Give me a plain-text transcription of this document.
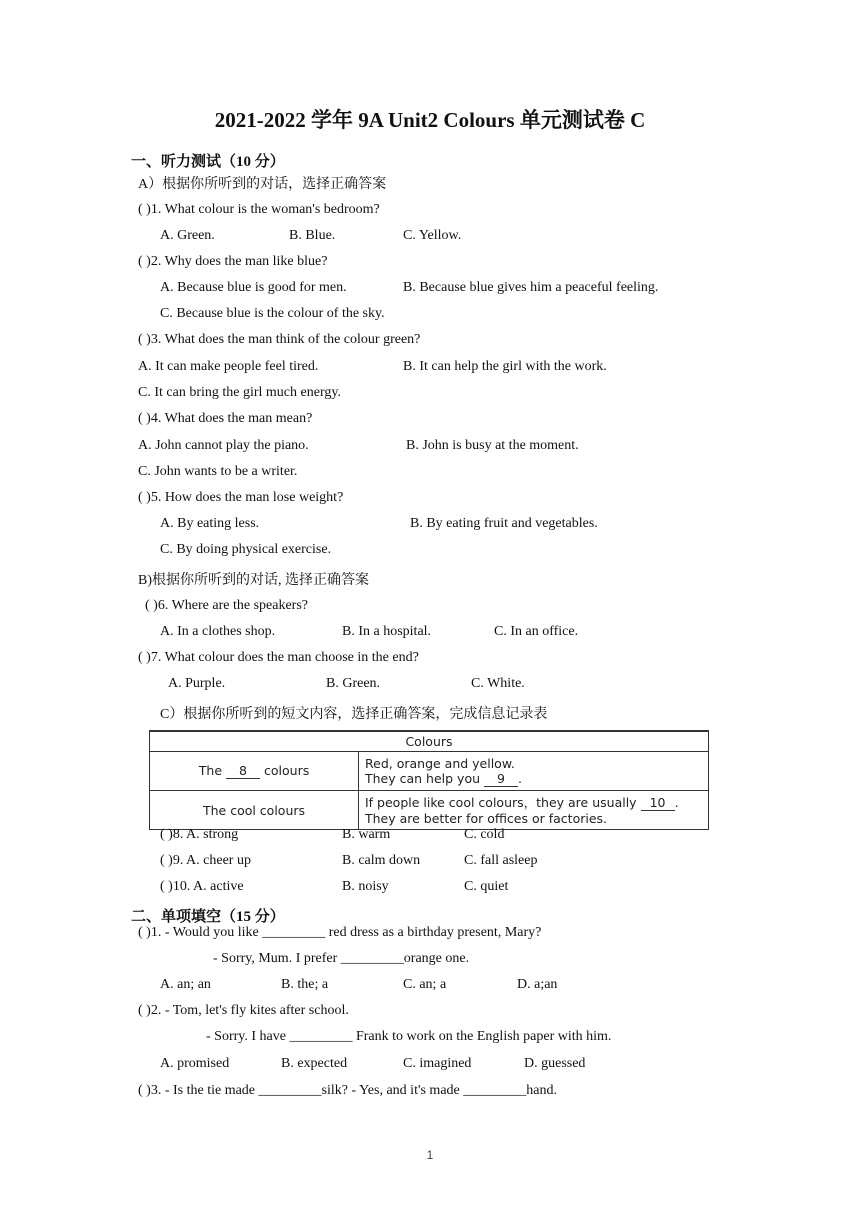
2021-2022 学年 9A Unit2 Colours 单元测试卷 C
一、听力测试（10 分）
A）根据你所听到的对话，选择正确答案
( )1. What colour is the woman's bedroom?
A. Green.	B. Blue.	C. Yellow.
( )2. Why does the man like blue?
A. Because blue is good for men.	B. Because blue gives him a peaceful feeling.
C. Because blue is the colour of the sky.
( )3. What does the man think of the colour green?
A. It can make people feel tired.	B. It can help the girl with the work.
C. It can bring the girl much energy.
( )4. What does the man mean?
A. John cannot play the piano.	B. John is busy at the moment.
C. John wants to be a writer.
( )5. How does the man lose weight?
A. By eating less.	B. By eating fruit and vegetables.
C. By doing physical exercise.
B)根据你所听到的对话, 选择正确答案
( )6. Where are the speakers?
A. In a clothes shop.	B. In a hospital.	C. In an office.
( )7. What colour does the man choose in the end?
A. Purple.	B. Green.	C. White.
C）根据你所听到的短文内容，选择正确答案，完成信息记录表
Colours	
The 8 colours	Red, orange and yellow.
They can help you 9 .

The cool colours	If people like cool colours，they are usually 10 .
They are better for offices or factories.
( )8. A. strong	B. warm	C. cold
( )9. A. cheer up	B. calm down	C. fall asleep
( )10. A. active	B. noisy	C. quiet
二、单项填空（15 分）
( )1. - Would you like _________ red dress as a birthday present, Mary?
- Sorry, Mum. I prefer _________orange one.
A. an; an	B. the; a	C. an; a	D. a;an
( )2. - Tom, let's fly kites after school.
- Sorry. I have _________ Frank to work on the English paper with him.
A. promised	B. expected	C. imagined	D. guessed
( )3. - Is the tie made _________silk? - Yes, and it's made _________hand.
1
